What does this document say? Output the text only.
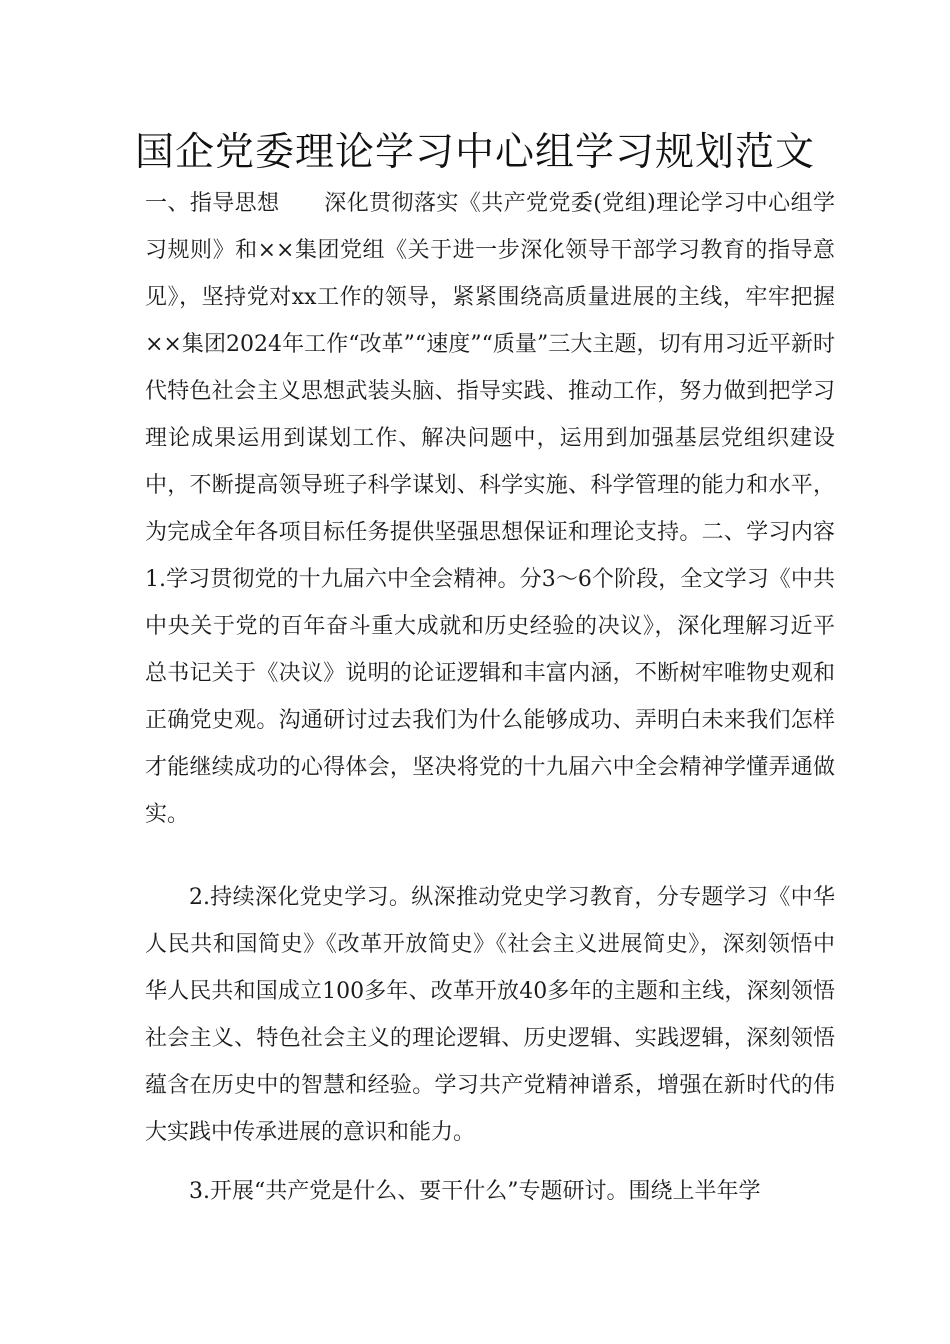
国企党委理论学习中心组学习规划范文

一、指导思想　　深化贯彻落实《共产党党委(党组)理论学习中心组学习规则》和××集团党组《关于进一步深化领导干部学习教育的指导意见》，坚持党对xx工作的领导，紧紧围绕高质量进展的主线，牢牢把握××集团2024年工作“改革”“速度”“质量”三大主题，切有用习近平新时代特色社会主义思想武装头脑、指导实践、推动工作，努力做到把学习理论成果运用到谋划工作、解决问题中，运用到加强基层党组织建设中，不断提高领导班子科学谋划、科学实施、科学管理的能力和水平，为完成全年各项目标任务提供坚强思想保证和理论支持。二、学习内容　　1.学习贯彻党的十九届六中全会精神。分3～6个阶段，全文学习《中共中央关于党的百年奋斗重大成就和历史经验的决议》，深化理解习近平总书记关于《决议》说明的论证逻辑和丰富内涵，不断树牢唯物史观和正确党史观。沟通研讨过去我们为什么能够成功、弄明白未来我们怎样才能继续成功的心得体会，坚决将党的十九届六中全会精神学懂弄通做实。

2.持续深化党史学习。纵深推动党史学习教育，分专题学习《中华人民共和国简史》《改革开放简史》《社会主义进展简史》，深刻领悟中华人民共和国成立100多年、改革开放40多年的主题和主线，深刻领悟社会主义、特色社会主义的理论逻辑、历史逻辑、实践逻辑，深刻领悟蕴含在历史中的智慧和经验。学习共产党精神谱系，增强在新时代的伟大实践中传承进展的意识和能力。

3.开展“共产党是什么、要干什么”专题研讨。围绕上半年学
